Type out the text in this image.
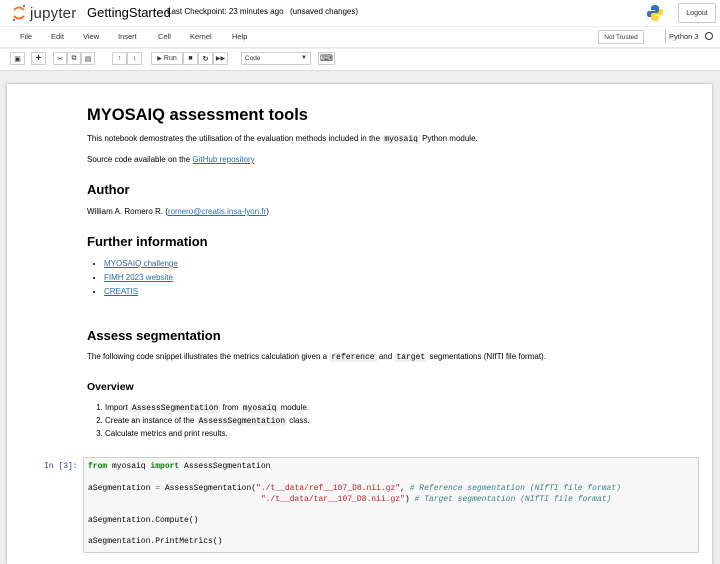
jupyter GettingStarted
Last Checkpoint: 23 minutes ago (unsaved changes)	Logout
File	Edit	View	Insert	Cell	Kernel	Help	Not Trusted	Python 3
▣ + ✂ ⧉ ▤	↑ ↓	▶ Run ■ ↻ ▶▶	Code	▼ ⌨
MYOSAIQ assessment tools
This notebook demostrates the utilisation of the evaluation methods included in the myosaiq Python module.
Source code available on the GitHub repository
Author
William A. Romero R. (romero@creatis.insa-lyon.fr)
Further information
• MYOSAIQ challenge
• FIMH 2023 website
• CREATIS
Assess segmentation
The following code snippet illustrates the metrics calculation given a reference and target segmentations (NIfTI file format).
Overview
1. Import AssessSegmentation from myosaiq module.
2. Create an instance of the AssessSegmentation class.
3. Calculate metrics and print results.
In [3]: from myosaiq import AssessSegmentation
aSegmentation = AssessSegmentation("./t__data/ref__107_D8.nii.gz", # Reference segmentation (NIfTI file format)
"./t__data/tar__107_D8.nii.gz") # Target segmentation (NIfTI file format)
aSegmentation.Compute()
aSegmentation.PrintMetrics()
